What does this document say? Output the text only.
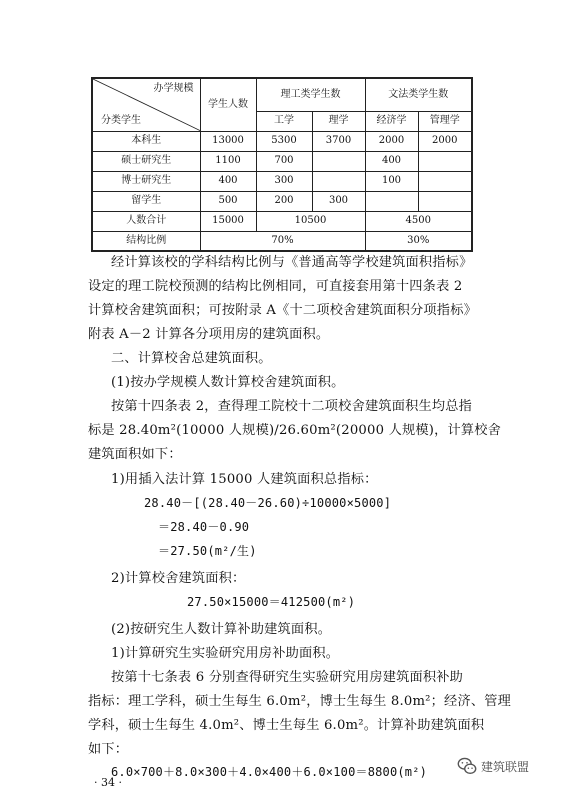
办学规模
分类学生	学生人数	理工类学生数		文法类学生数	
		工学	理学	经济学	管理学
本科生	13000	5300	3700	2000	2000
硕士研究生	1100	700		400	
博士研究生	400	300		100	
留学生	500	200	300		
人数合计	15000	10500		4500	
结构比例	70%			30%	
经计算该校的学科结构比例与《普通高等学校建筑面积指标》
设定的理工院校预测的结构比例相同，可直接套用第十四条表 2
计算校舍建筑面积；可按附录 A《十二项校舍建筑面积分项指标》
附表 A－2 计算各分项用房的建筑面积。
二、计算校舍总建筑面积。
(1)按办学规模人数计算校舍建筑面积。
按第十四条表 2，查得理工院校十二项校舍建筑面积生均总指
标是 28.40m²(10000 人规模)/26.60m²(20000 人规模)，计算校舍
建筑面积如下：
1)用插入法计算 15000 人建筑面积总指标：
28.40－[(28.40－26.60)÷10000×5000]
＝28.40－0.90
＝27.50(m²/生)
2)计算校舍建筑面积：
27.50×15000＝412500(m²)
(2)按研究生人数计算补助建筑面积。
1)计算研究生实验研究用房补助面积。
按第十七条表 6 分别查得研究生实验研究用房建筑面积补助
指标：理工学科，硕士生每生 6.0m²，博士生每生 8.0m²；经济、管理
学科，硕士生每生 4.0m²、博士生每生 6.0m²。计算补助建筑面积
如下：
6.0×700＋8.0×300＋4.0×400＋6.0×100＝8800(m²)
· 34 ·
建筑联盟
